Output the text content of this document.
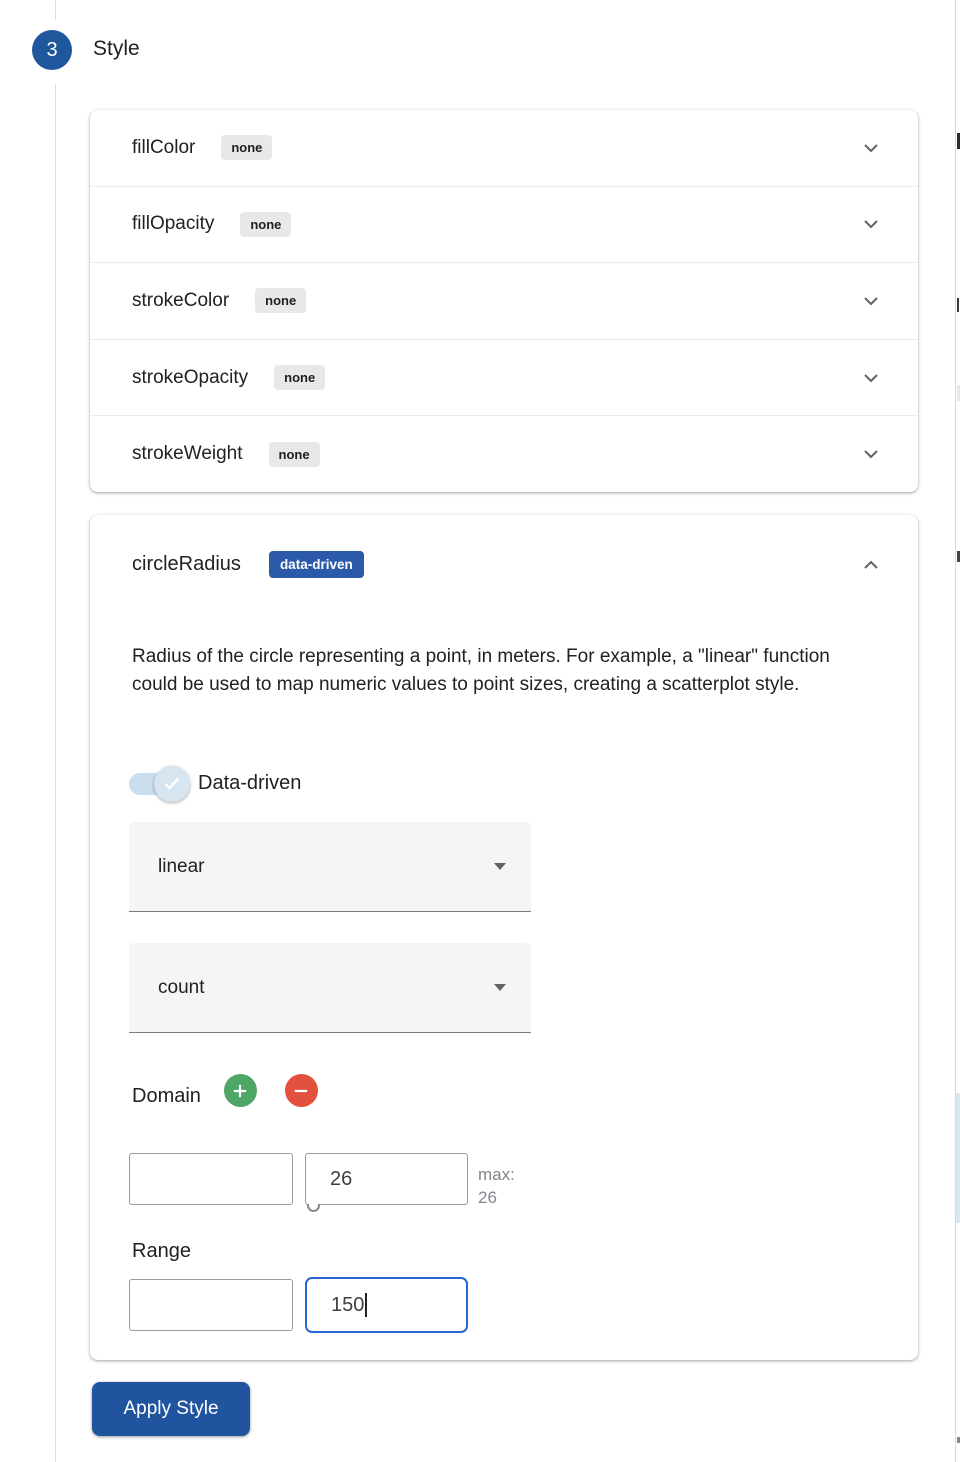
3 Style
fillColor	none
fillOpacity	none
strokeColor	none
strokeOpacity	none
strokeWeight	none
circleRadius	data-driven

Radius of the circle representing a point, in meters. For example, a "linear" function could be used to map numeric values to point sizes, creating a scatterplot style.

Data-driven
linear
count
Domain
26	max:
26
Range
150
Apply Style
